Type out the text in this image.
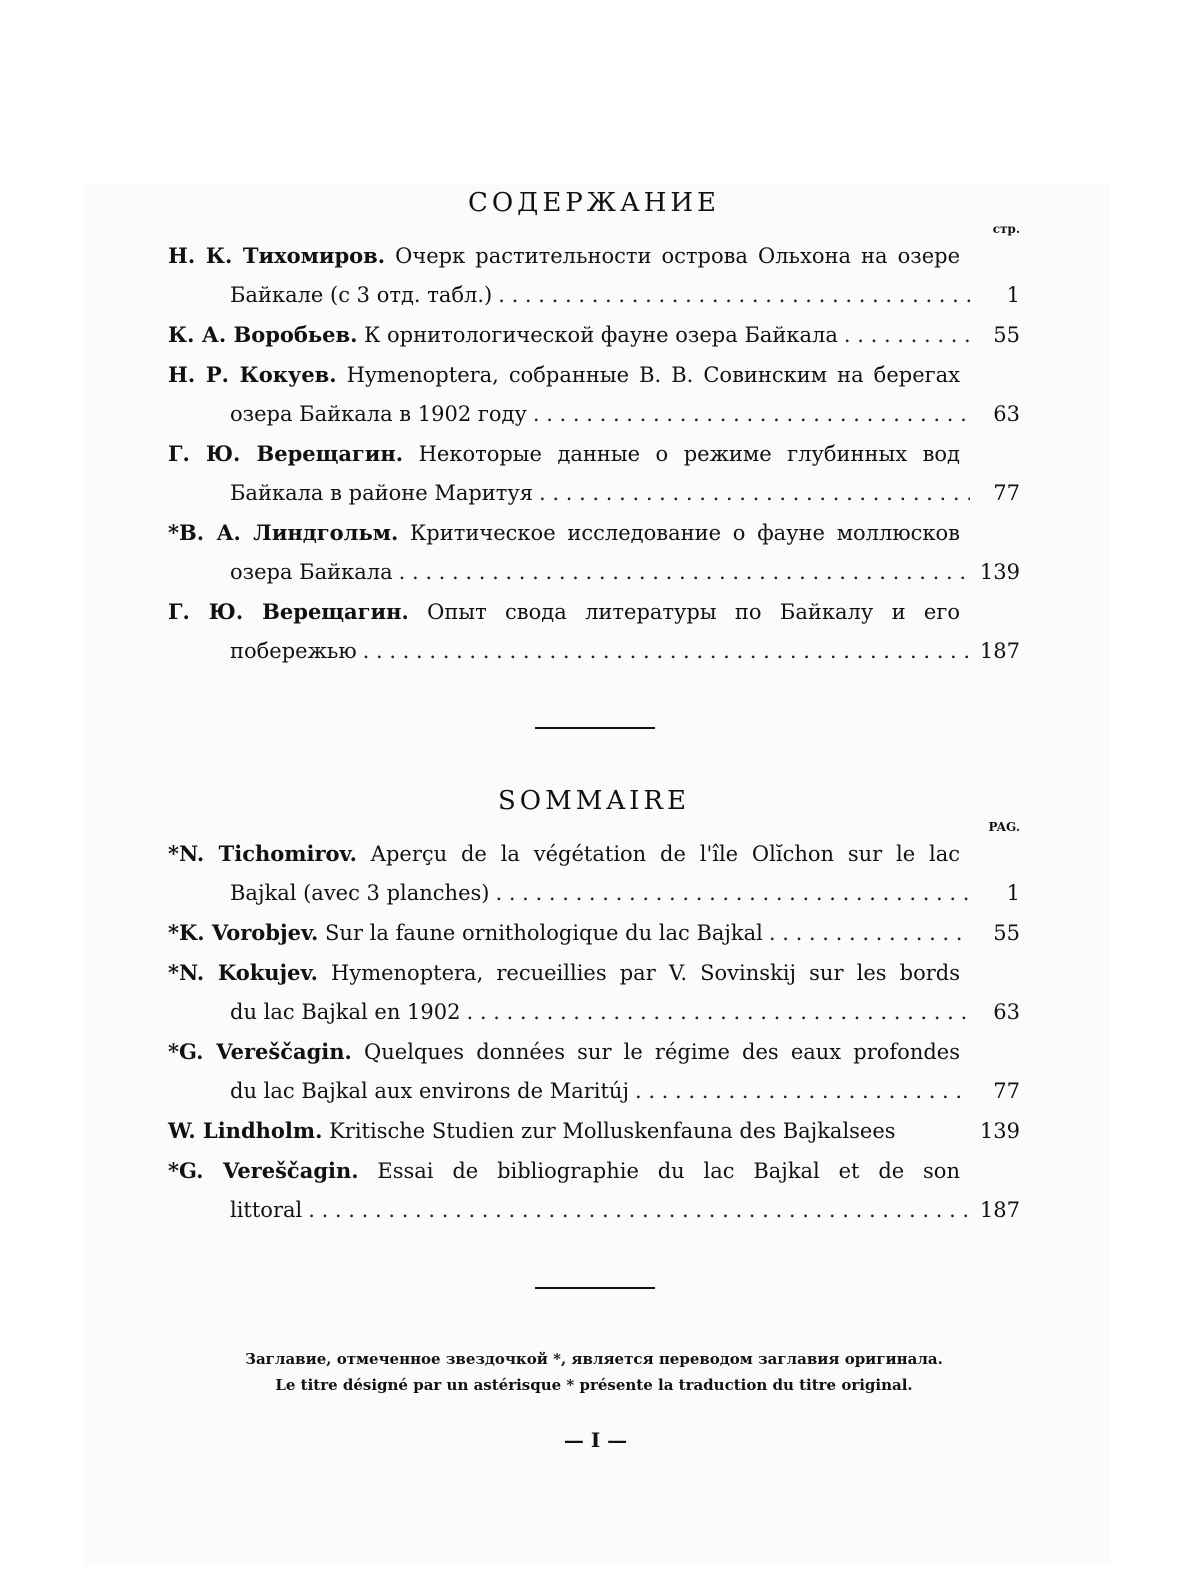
СОДЕРЖАНИЕ
стр.
Н. К. Тихомиров. Очерк растительности острова Ольхона на озере
Байкале (с 3 отд. табл.) . . .	1
К. А. Воробьев. К орнитологической фауне озера Байкала . . .	55
Н. Р. Кокуев. Hymenoptera, собранные В. В. Совинским на берегах
озера Байкала в 1902 году . . .	63
Г. Ю. Верещагин. Некоторые данные о режиме глубинных вод
Байкала в районе Маритуя . . .	77
*В. А. Линдгольм. Критическое исследование о фауне моллюсков
озера Байкала . . .	139
Г. Ю. Верещагин. Опыт свода литературы по Байкалу и его
побережью . . .	187
SOMMAIRE
PAG.
*N. Tichomirov. Aperçu de la végétation de l'île Olĭchon sur le lac
Bajkal (avec 3 planches) . . .	1
*K. Vorobjev. Sur la faune ornithologique du lac Bajkal . . .	55
*N. Kokujev. Hymenoptera, recueillies par V. Sovinskij sur les bords
du lac Bajkal en 1902 . . .	63
*G. Vereščagin. Quelques données sur le régime des eaux profondes
du lac Bajkal aux environs de Maritúj . . .	77
W. Lindholm. Kritische Studien zur Molluskenfauna des Bajkalsees	139
*G. Vereščagin. Essai de bibliographie du lac Bajkal et de son
littoral . . .	187
Заглавие, отмеченное звездочкой *, является переводом заглавия оригинала.
Le titre désigné par un astérisque * présente la traduction du titre original.
— I —
